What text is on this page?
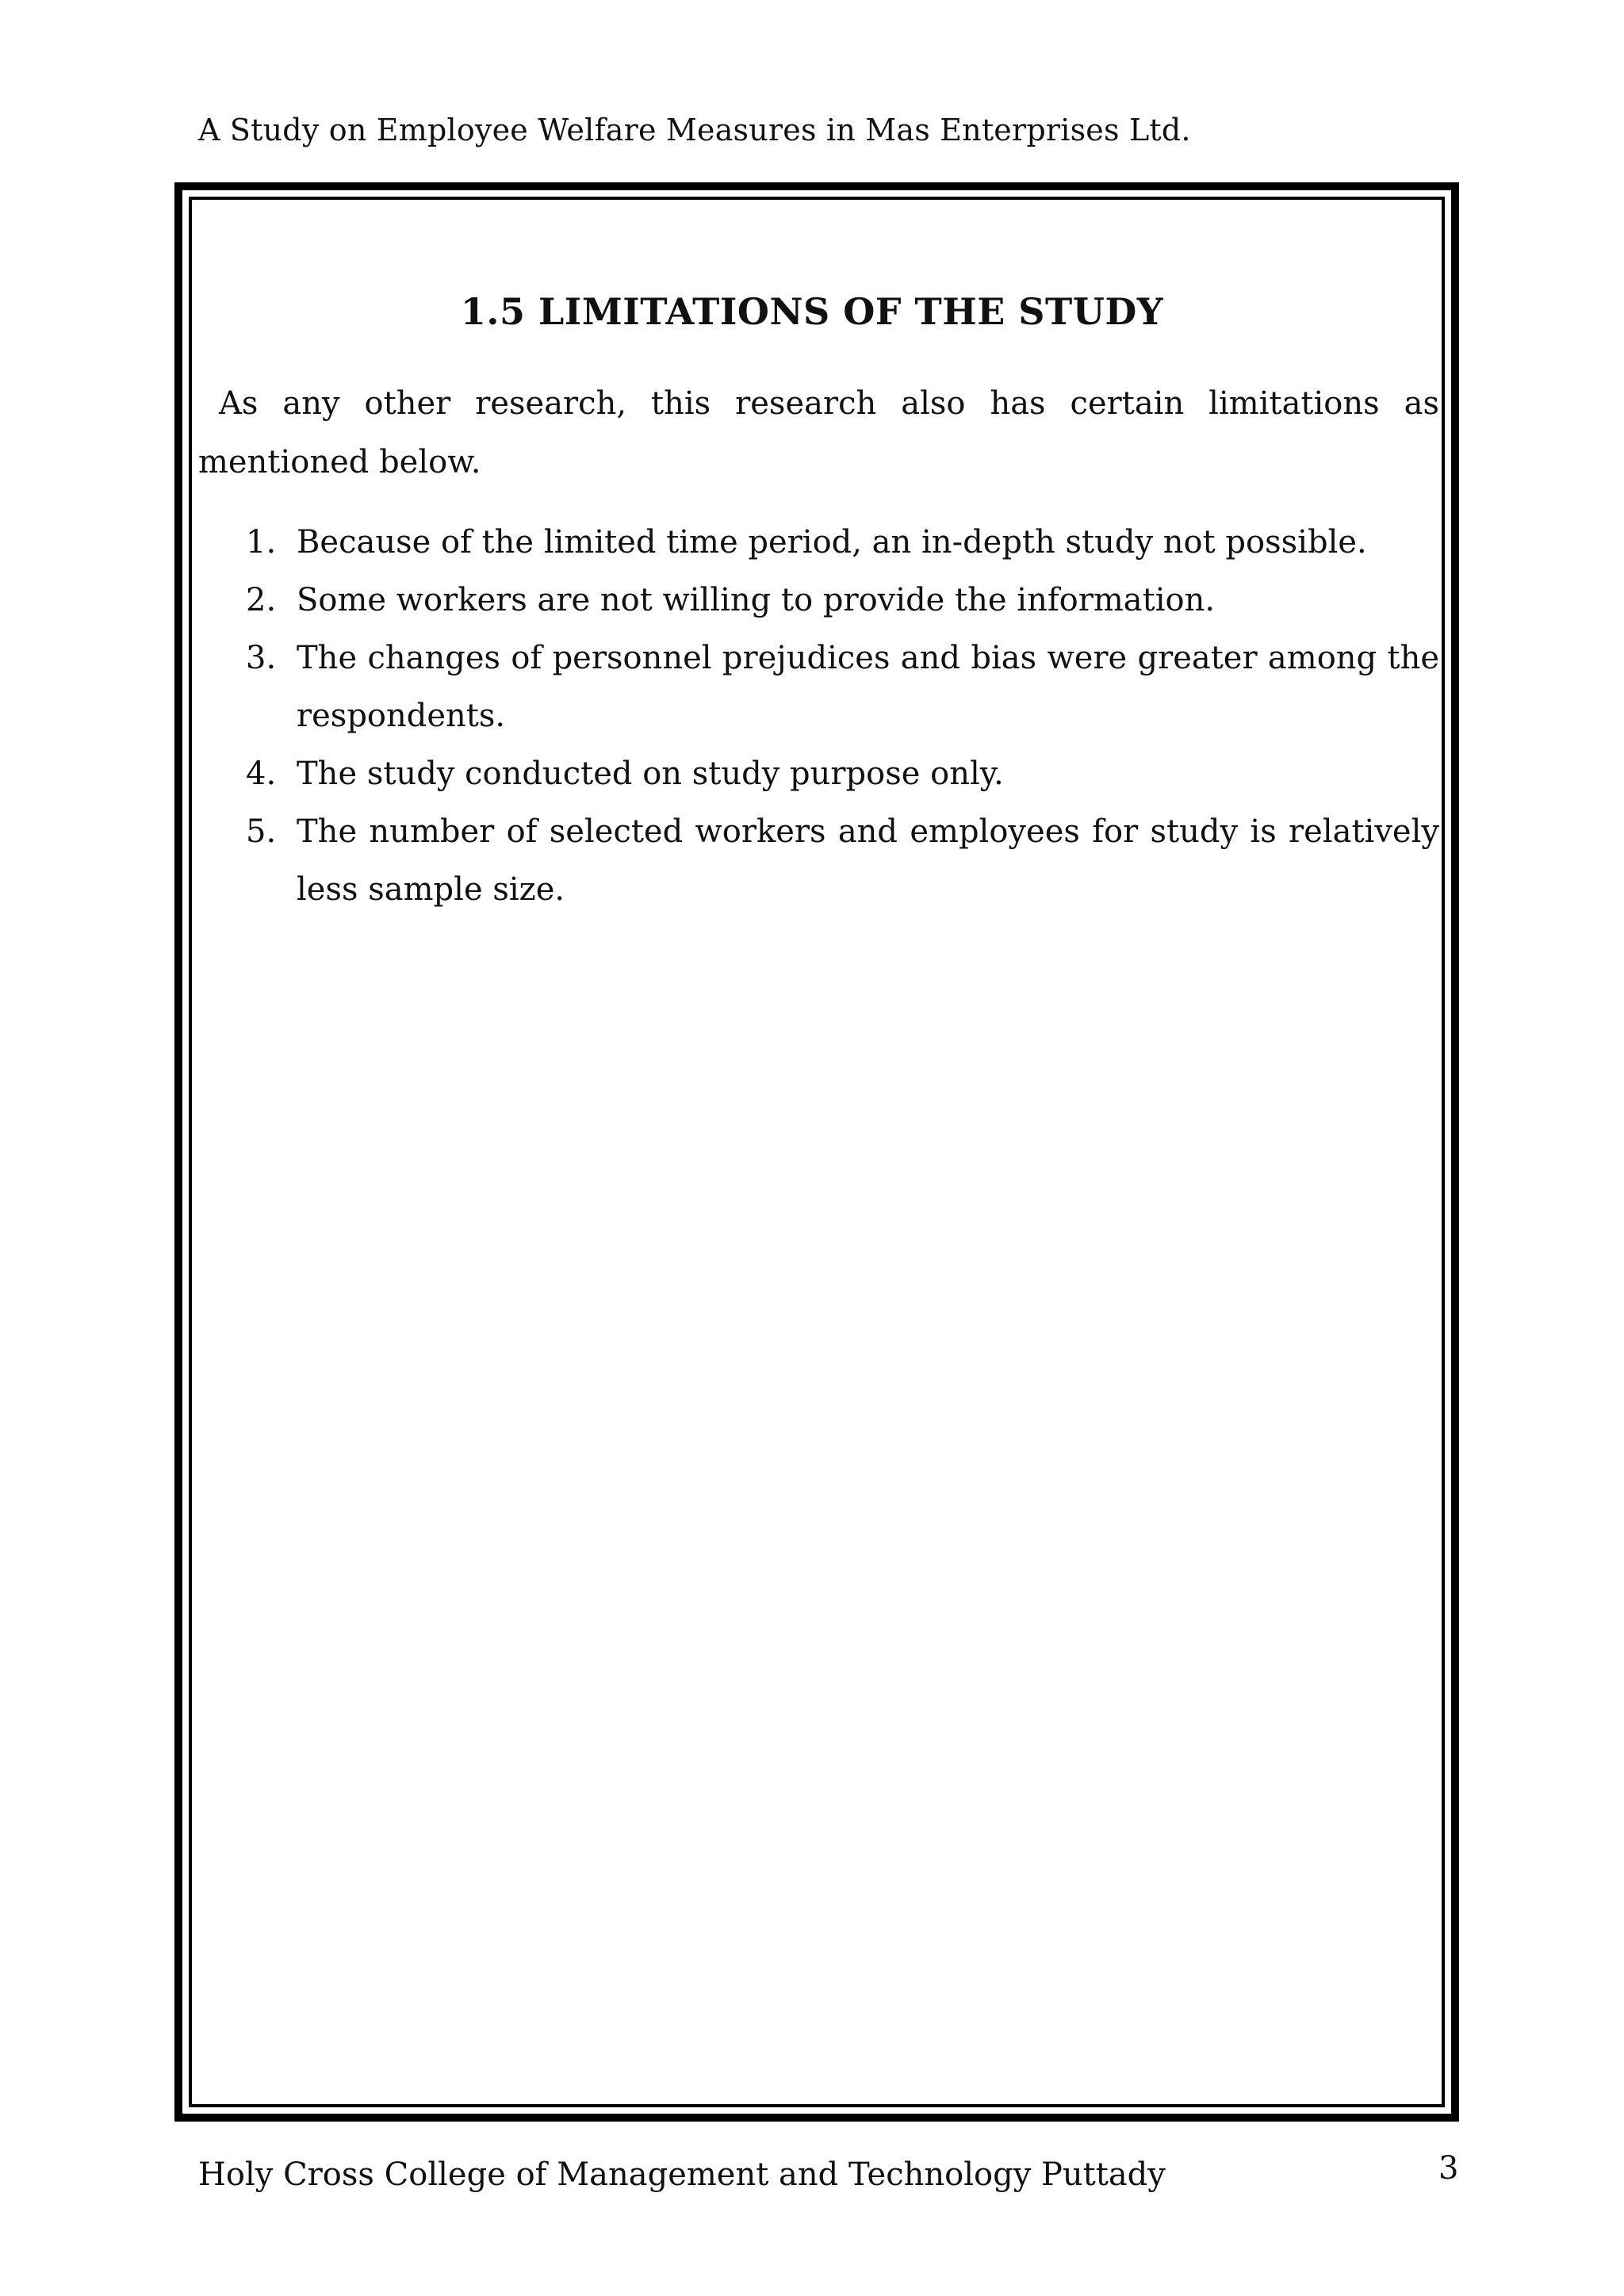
A Study on Employee Welfare Measures in Mas Enterprises Ltd.
1.5 LIMITATIONS OF THE STUDY

As any other research, this research also has certain limitations as mentioned below.

1. Because of the limited time period, an in-depth study not possible.
2. Some workers are not willing to provide the information.
3. The changes of personnel prejudices and bias were greater among the respondents.
4. The study conducted on study purpose only.
5. The number of selected workers and employees for study is relatively less sample size.
Holy Cross College of Management and Technology Puttady	3
